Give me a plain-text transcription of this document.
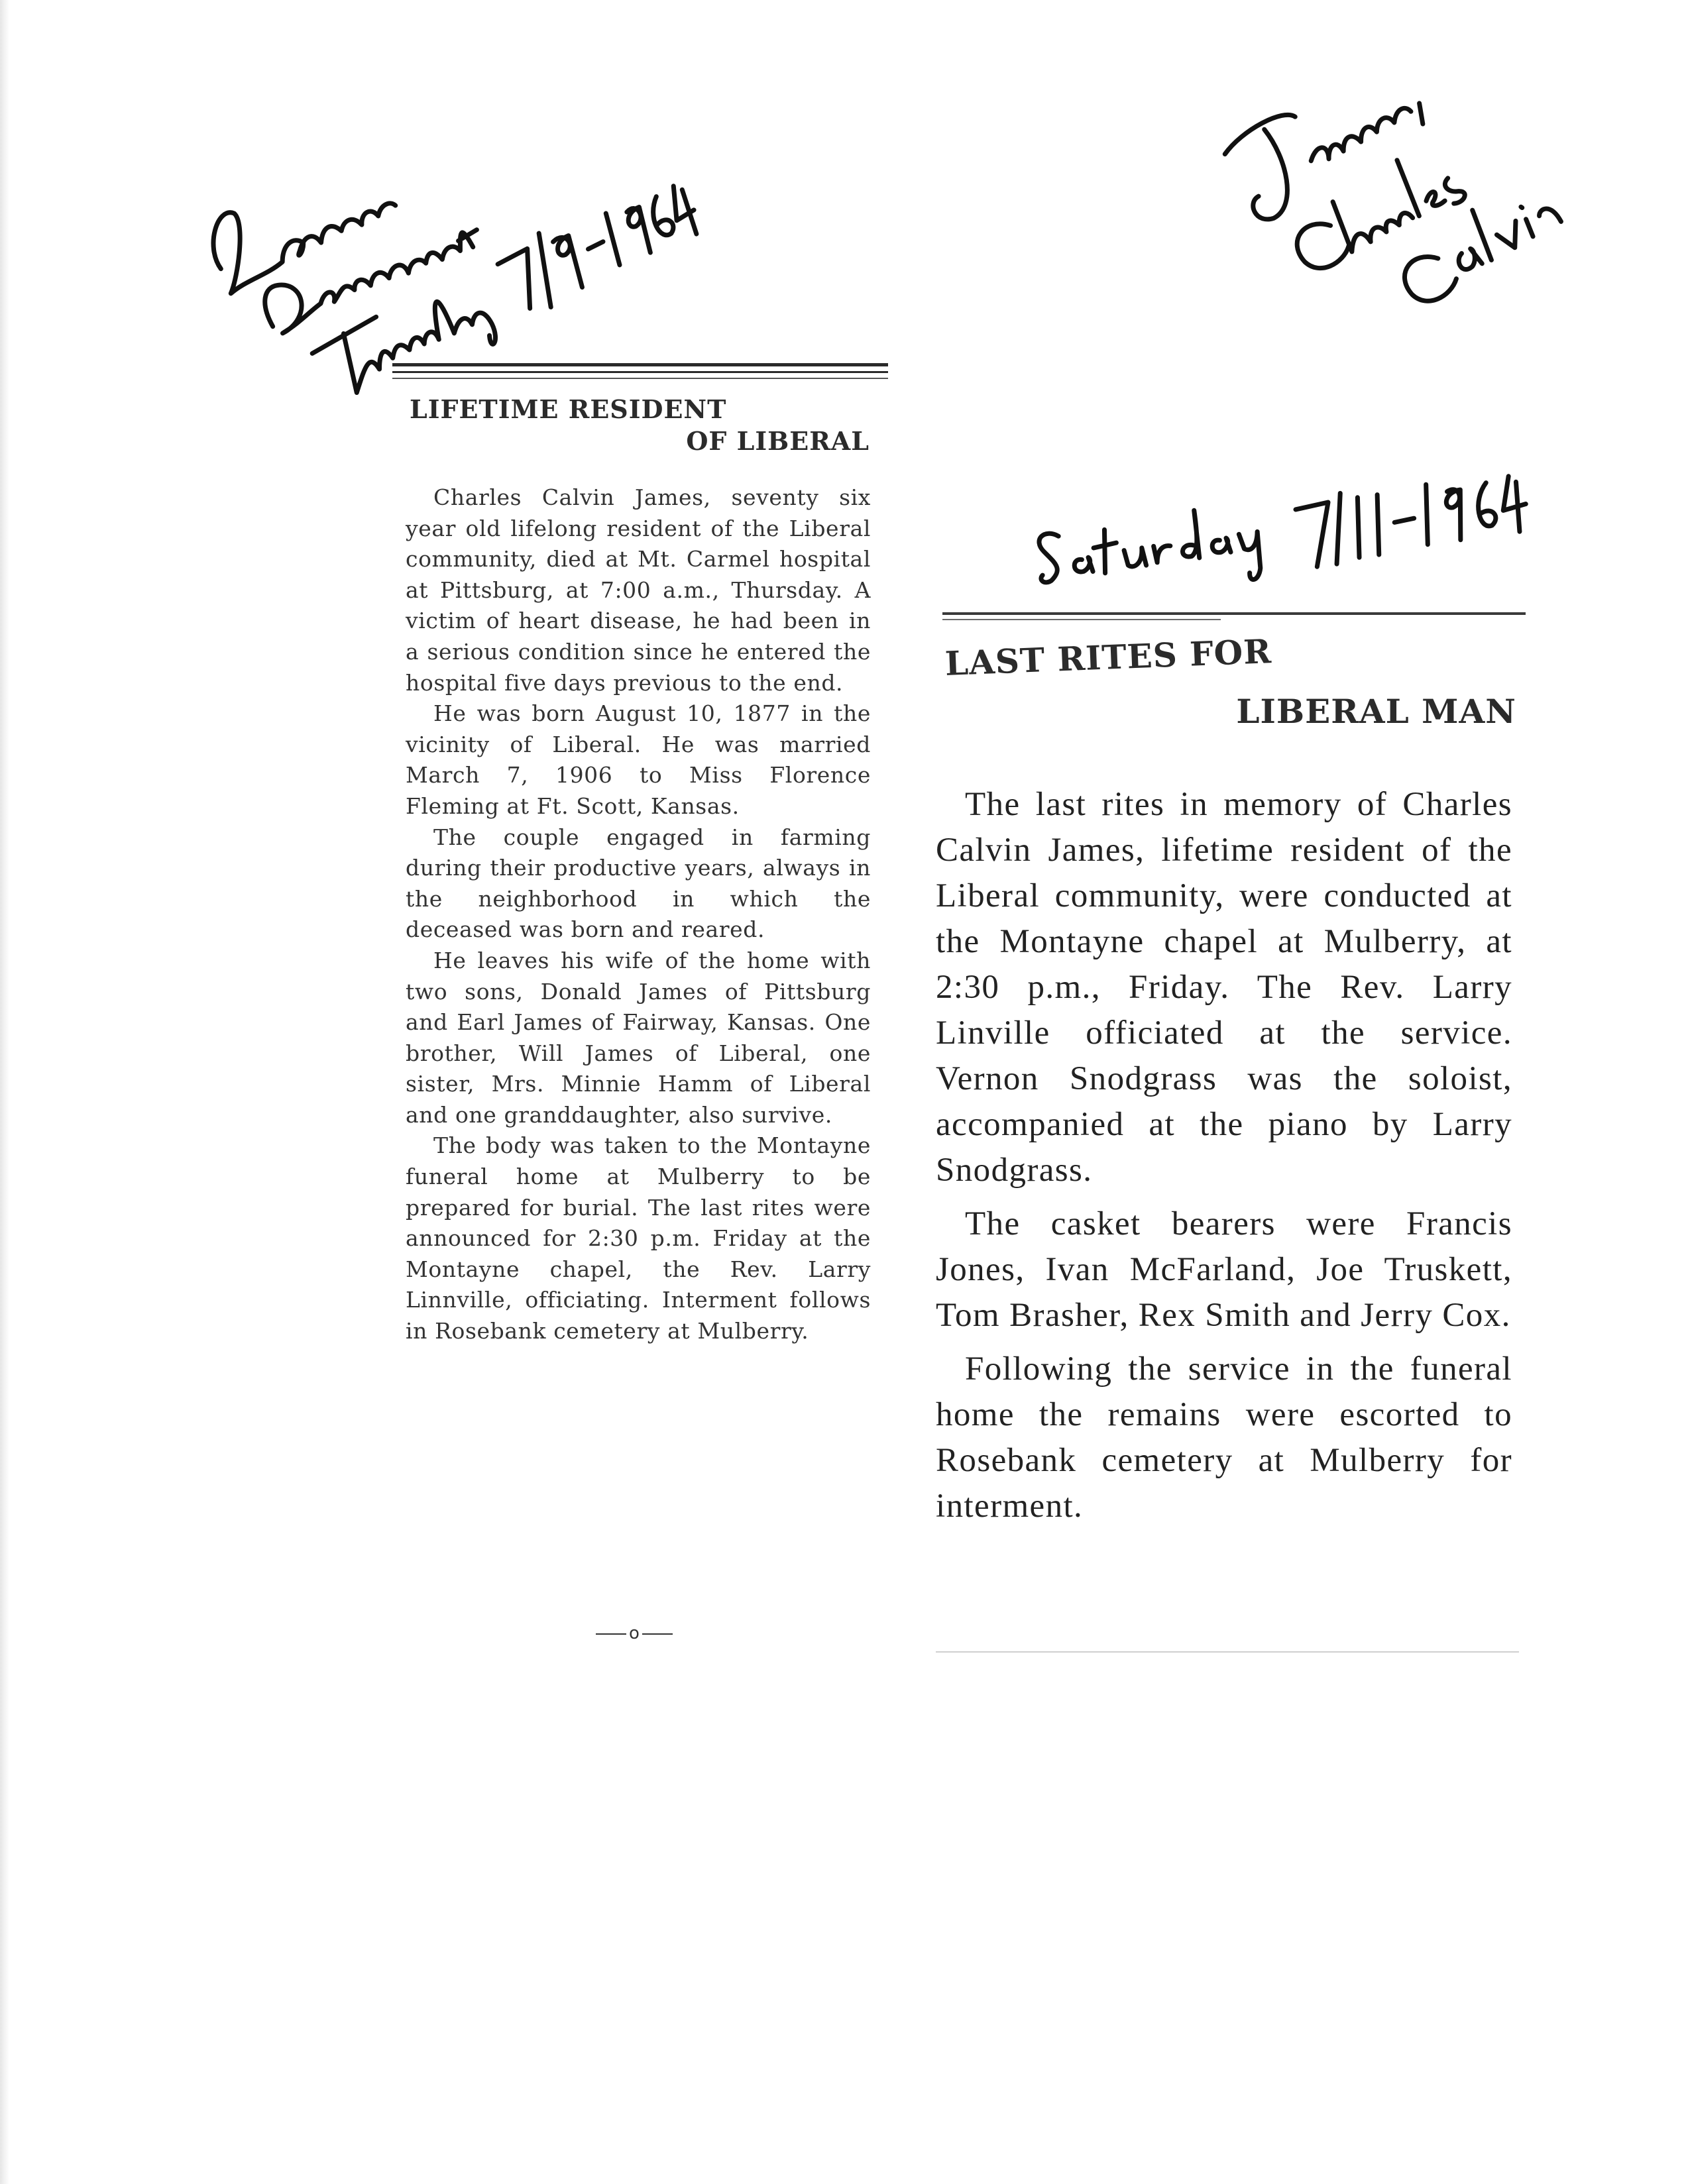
LIFETIME RESIDENT
OF LIBERAL

Charles Calvin James, seventy six year old lifelong resident of the Liberal community, died at Mt. Carmel hospital at Pittsburg, at 7:00 a.m., Thursday. A victim of heart disease, he had been in a serious condition since he entered the hospital five days previous to the end.

He was born August 10, 1877 in the vicinity of Liberal. He was married March 7, 1906 to Miss Florence Fleming at Ft. Scott, Kansas.

The couple engaged in farming during their productive years, always in the neighborhood in which the deceased was born and reared.

He leaves his wife of the home with two sons, Donald James of Pittsburg and Earl James of Fairway, Kansas. One brother, Will James of Liberal, one sister, Mrs. Minnie Hamm of Liberal and one granddaughter, also survive.

The body was taken to the Montayne funeral home at Mulberry to be prepared for burial. The last rites were announced for 2:30 p.m. Friday at the Montayne chapel, the Rev. Larry Linnville, officiating. Interment follows in Rosebank cemetery at Mulberry.

o
LAST RITES FOR
LIBERAL MAN

The last rites in memory of Charles Calvin James, lifetime resident of the Liberal community, were conducted at the Montayne chapel at Mulberry, at 2:30 p.m., Friday. The Rev. Larry Linville officiated at the service. Vernon Snodgrass was the soloist, accompanied at the piano by Larry Snodgrass.

The casket bearers were Francis Jones, Ivan McFarland, Joe Truskett, Tom Brasher, Rex Smith and Jerry Cox.

Following the service in the funeral home the remains were escorted to Rosebank cemetery at Mulberry for interment.
